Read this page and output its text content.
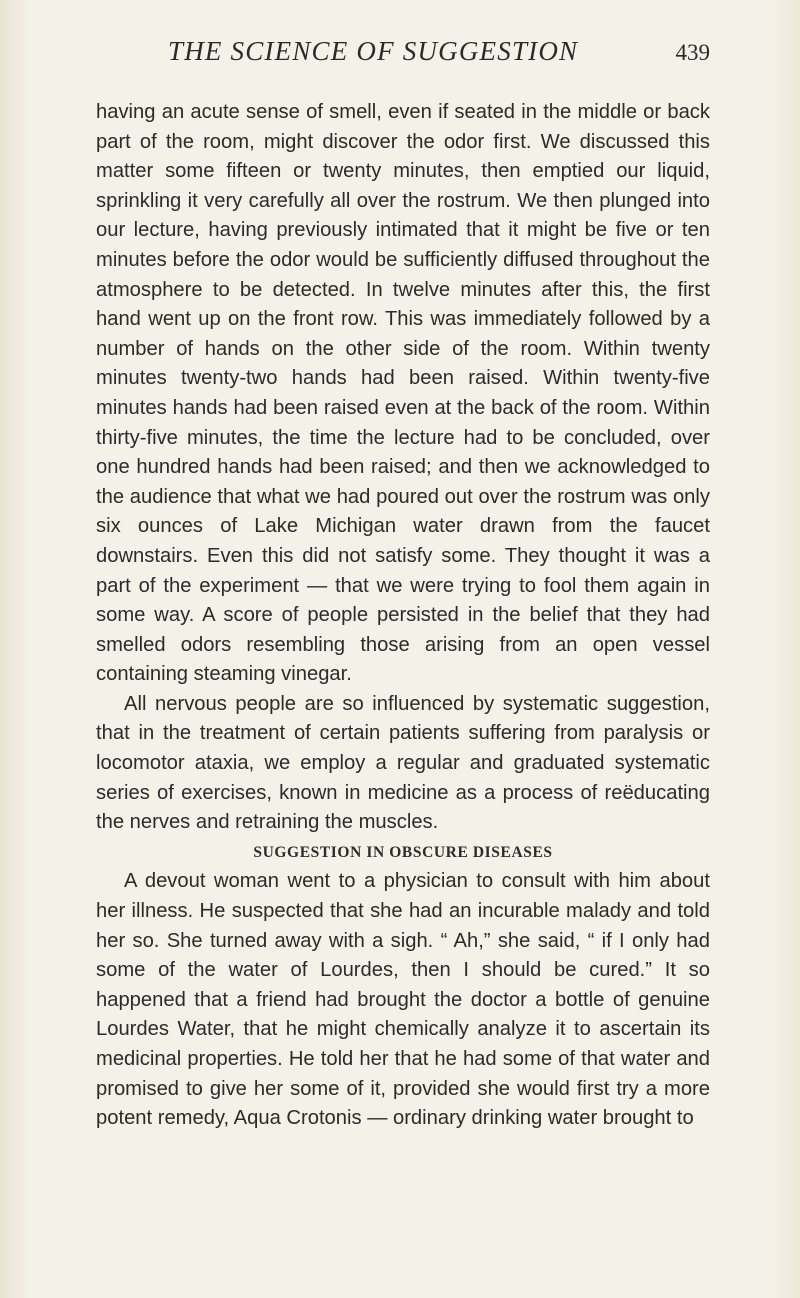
THE SCIENCE OF SUGGESTION	439

having an acute sense of smell, even if seated in the middle or back part of the room, might discover the odor first. We discussed this matter some fifteen or twenty minutes, then emptied our liquid, sprinkling it very carefully all over the rostrum. We then plunged into our lecture, having previously intimated that it might be five or ten minutes before the odor would be sufficiently diffused throughout the atmosphere to be detected. In twelve minutes after this, the first hand went up on the front row. This was immediately followed by a number of hands on the other side of the room. Within twenty minutes twenty-two hands had been raised. Within twenty-five minutes hands had been raised even at the back of the room. Within thirty-five minutes, the time the lecture had to be concluded, over one hundred hands had been raised; and then we acknowledged to the audience that what we had poured out over the rostrum was only six ounces of Lake Michigan water drawn from the faucet downstairs. Even this did not satisfy some. They thought it was a part of the experiment — that we were trying to fool them again in some way. A score of people persisted in the belief that they had smelled odors resembling those arising from an open vessel containing steaming vinegar.

All nervous people are so influenced by systematic suggestion, that in the treatment of certain patients suffering from paralysis or locomotor ataxia, we employ a regular and graduated systematic series of exercises, known in medicine as a process of reëducating the nerves and retraining the muscles.

SUGGESTION IN OBSCURE DISEASES

A devout woman went to a physician to consult with him about her illness. He suspected that she had an incurable malady and told her so. She turned away with a sigh. “ Ah,” she said, “ if I only had some of the water of Lourdes, then I should be cured.” It so happened that a friend had brought the doctor a bottle of genuine Lourdes Water, that he might chemically analyze it to ascertain its medicinal properties. He told her that he had some of that water and promised to give her some of it, provided she would first try a more potent remedy, Aqua Crotonis — ordinary drinking water brought to
